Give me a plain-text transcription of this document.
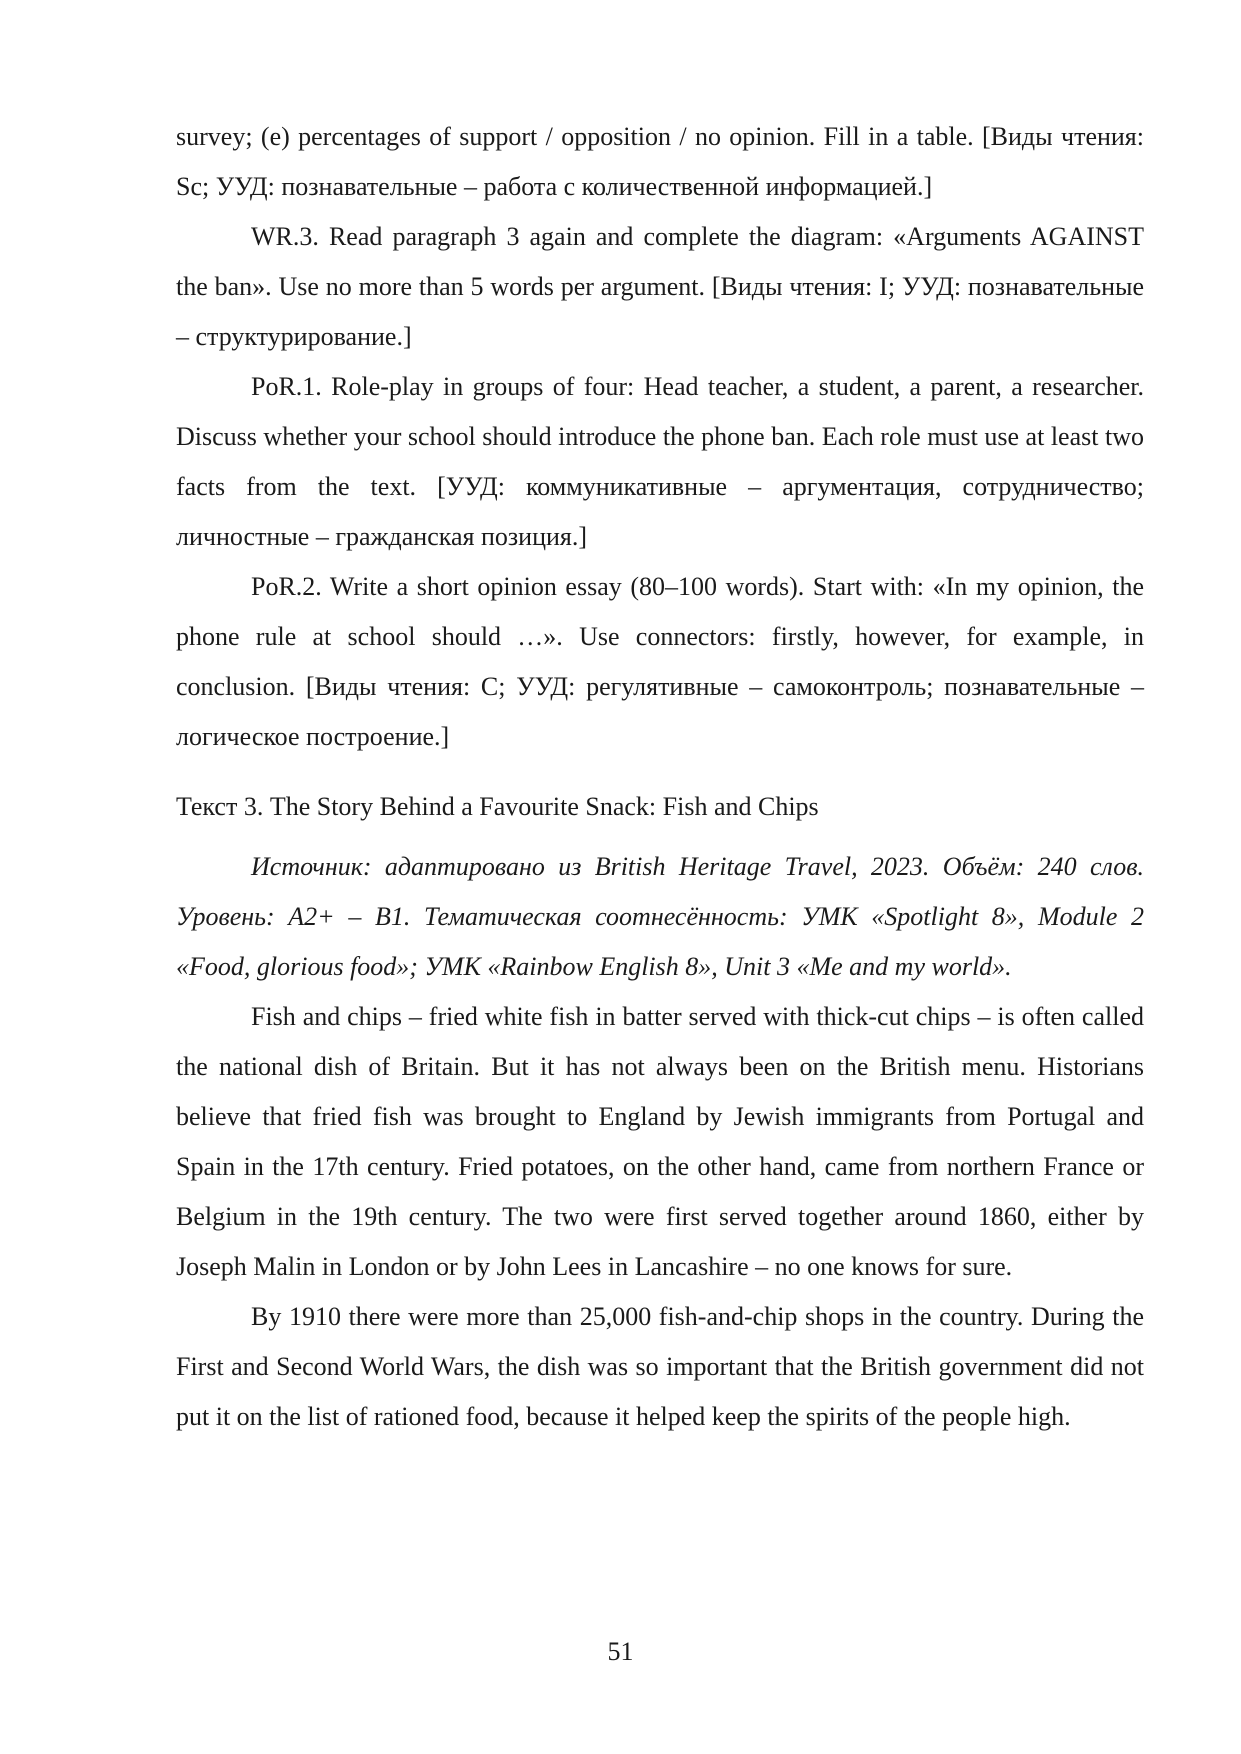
survey; (e) percentages of support / opposition / no opinion. Fill in a table. [Виды чтения: Sc; УУД: познавательные – работа с количественной информацией.]

WR.3. Read paragraph 3 again and complete the diagram: «Arguments AGAINST the ban». Use no more than 5 words per argument. [Виды чтения: I; УУД: познавательные – структурирование.]

PoR.1. Role-play in groups of four: Head teacher, a student, a parent, a researcher. Discuss whether your school should introduce the phone ban. Each role must use at least two facts from the text. [УУД: коммуникативные – аргументация, сотрудничество; личностные – гражданская позиция.]

PoR.2. Write a short opinion essay (80–100 words). Start with: «In my opinion, the phone rule at school should …». Use connectors: firstly, however, for example, in conclusion. [Виды чтения: C; УУД: регулятивные – самоконтроль; познавательные – логическое построение.]

Текст 3. The Story Behind a Favourite Snack: Fish and Chips

Источник: адаптировано из British Heritage Travel, 2023. Объём: 240 слов. Уровень: A2+ – B1. Тематическая соотнесённость: УМК «Spotlight 8», Module 2 «Food, glorious food»; УМК «Rainbow English 8», Unit 3 «Me and my world».

Fish and chips – fried white fish in batter served with thick-cut chips – is often called the national dish of Britain. But it has not always been on the British menu. Historians believe that fried fish was brought to England by Jewish immigrants from Portugal and Spain in the 17th century. Fried potatoes, on the other hand, came from northern France or Belgium in the 19th century. The two were first served together around 1860, either by Joseph Malin in London or by John Lees in Lancashire – no one knows for sure.

By 1910 there were more than 25,000 fish-and-chip shops in the country. During the First and Second World Wars, the dish was so important that the British government did not put it on the list of rationed food, because it helped keep the spirits of the people high.

51
